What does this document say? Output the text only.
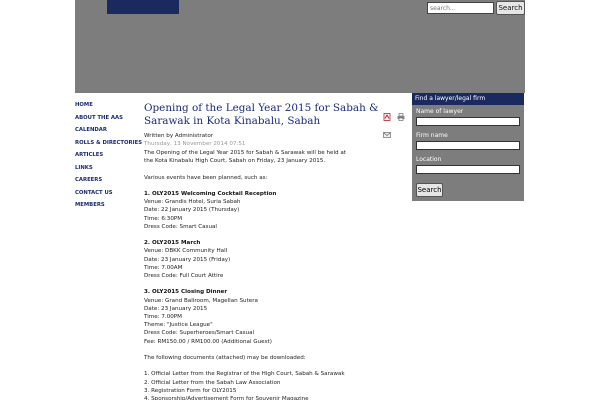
search...
Search
HOME
ABOUT THE AAS
CALENDAR
ROLLS & DIRECTORIES
ARTICLES
LINKS
CAREERS
CONTACT US
MEMBERS
Opening of the Legal Year 2015 for Sabah & Sarawak in Kota Kinabalu, Sabah

Written by Administrator
Thursday, 13 November 2014 07:51
The Opening of the Legal Year 2015 for Sabah & Sarawak will be held at
the Kota Kinabalu High Court, Sabah on Friday, 23 January 2015.
Various events have been planned, such as:
1. OLY2015 Welcoming Cocktail Reception
Venue: Grandis Hotel, Suria Sabah
Date: 22 January 2015 (Thursday)
Time: 6:30PM
Dress Code: Smart Casual
2. OLY2015 March
Venue: DBKK Community Hall
Date: 23 January 2015 (Friday)
Time: 7.00AM
Dress Code: Full Court Attire
3. OLY2015 Closing Dinner
Venue: Grand Ballroom, Magellan Sutera
Date: 23 January 2015
Time: 7.00PM
Theme: "Justice League"
Dress Code: Superheroes/Smart Casual
Fee: RM150.00 / RM100.00 (Additional Guest)
The following documents (attached) may be downloaded:
1. Official Letter from the Registrar of the High Court, Sabah & Sarawak
2. Official Letter from the Sabah Law Association
3. Registration Form for OLY2015
4. Sponsorship/Advertisement Form for Souvenir Magazine
Find a lawyer/legal firm
Name of lawyer
Firm name
Location
Search
